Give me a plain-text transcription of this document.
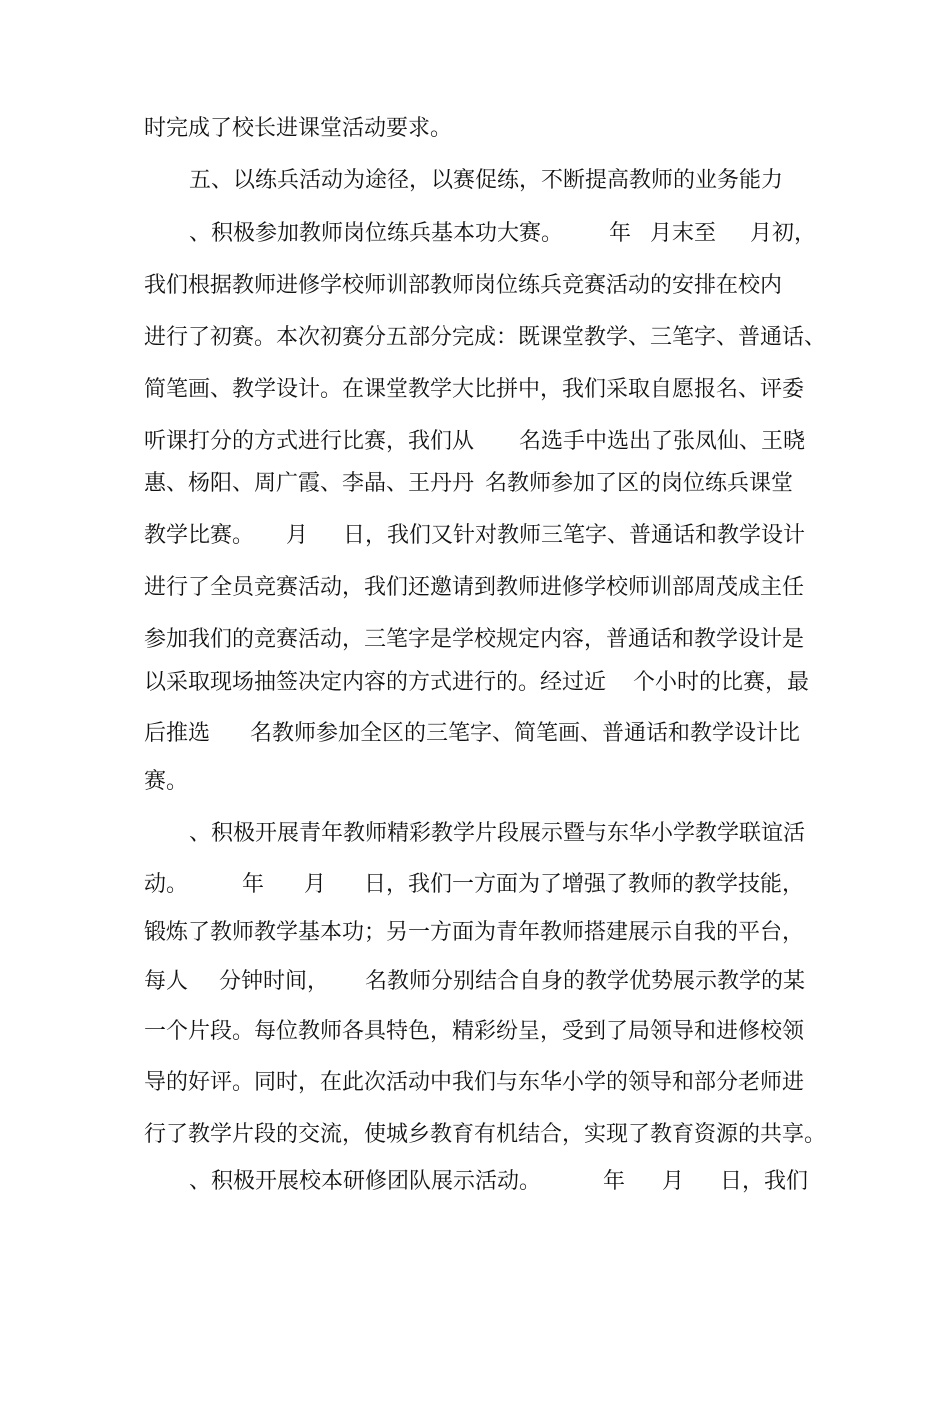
时完成了校长进课堂活动要求。

五、以练兵活动为途径，以赛促练，不断提高教师的业务能力

、积极参加教师岗位练兵基本功大赛。

年

月末至

月初，

我们根据教师进修学校师训部教师岗位练兵竞赛活动的安排在校内

进行了初赛。本次初赛分五部分完成：既课堂教学、三笔字、普通话、

简笔画、教学设计。在课堂教学大比拼中，我们采取自愿报名、评委

听课打分的方式进行比赛，我们从

名选手中选出了张凤仙、王晓

惠、杨阳、周广霞、李晶、王丹丹

名教师参加了区的岗位练兵课堂

教学比赛。

月

日，我们又针对教师三笔字、普通话和教学设计

进行了全员竞赛活动，我们还邀请到教师进修学校师训部周茂成主任

参加我们的竞赛活动，三笔字是学校规定内容，普通话和教学设计是

以采取现场抽签决定内容的方式进行的。经过近

个小时的比赛，最

后推选

名教师参加全区的三笔字、简笔画、普通话和教学设计比

赛。

、积极开展青年教师精彩教学片段展示暨与东华小学教学联谊活

动。

年

月

日，我们一方面为了增强了教师的教学技能，

锻炼了教师教学基本功；另一方面为青年教师搭建展示自我的平台，

每人

分钟时间，

名教师分别结合自身的教学优势展示教学的某

一个片段。每位教师各具特色，精彩纷呈，受到了局领导和进修校领

导的好评。同时，在此次活动中我们与东华小学的领导和部分老师进

行了教学片段的交流，使城乡教育有机结合，实现了教育资源的共享。

、积极开展校本研修团队展示活动。

	年

月

日，我们
